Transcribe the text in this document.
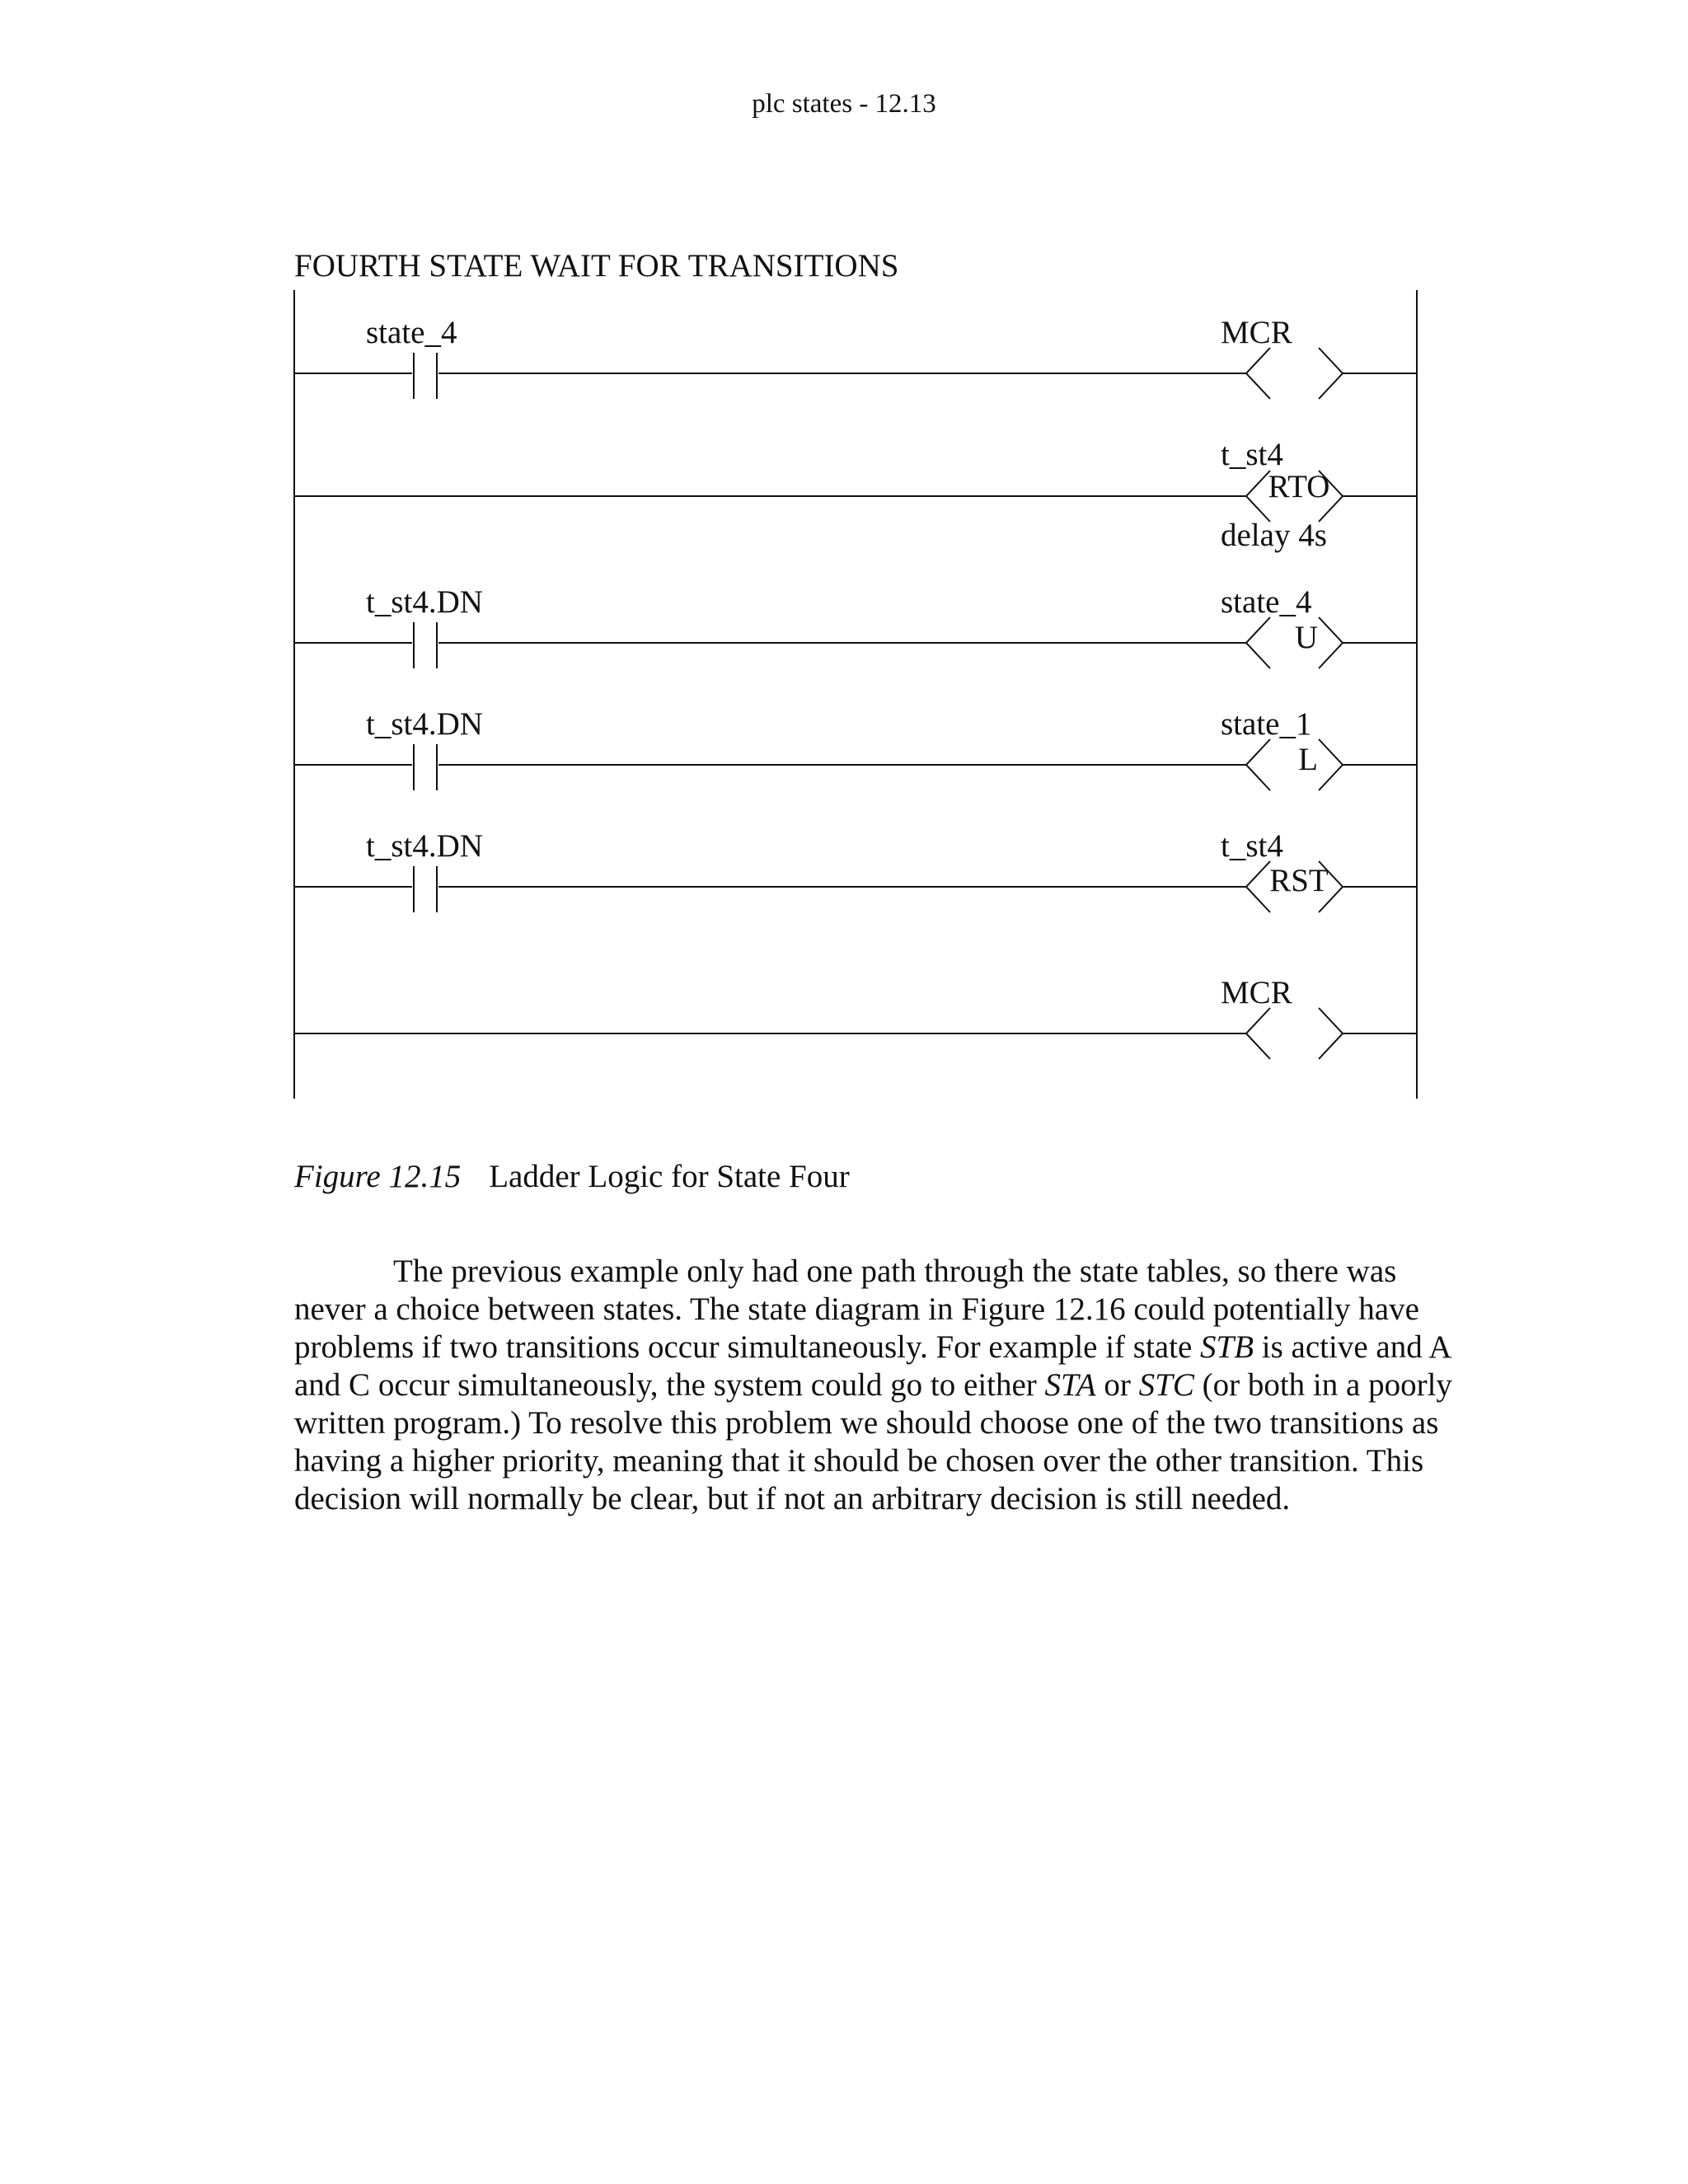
plc states - 12.13
FOURTH STATE WAIT FOR TRANSITIONS
state_4
t_st4.DN
t_st4.DN
t_st4.DN
MCR
t_st4
delay 4s
state_4
state_1
t_st4
MCR
RTO
U
L
RST
Figure 12.15 Ladder Logic for State Four
The previous example only had one path through the state tables, so there was
never a choice between states. The state diagram in Figure 12.16 could potentially have
problems if two transitions occur simultaneously. For example if state STB is active and A
and C occur simultaneously, the system could go to either STA or STC (or both in a poorly
written program.) To resolve this problem we should choose one of the two transitions as
having a higher priority, meaning that it should be chosen over the other transition. This
decision will normally be clear, but if not an arbitrary decision is still needed.
